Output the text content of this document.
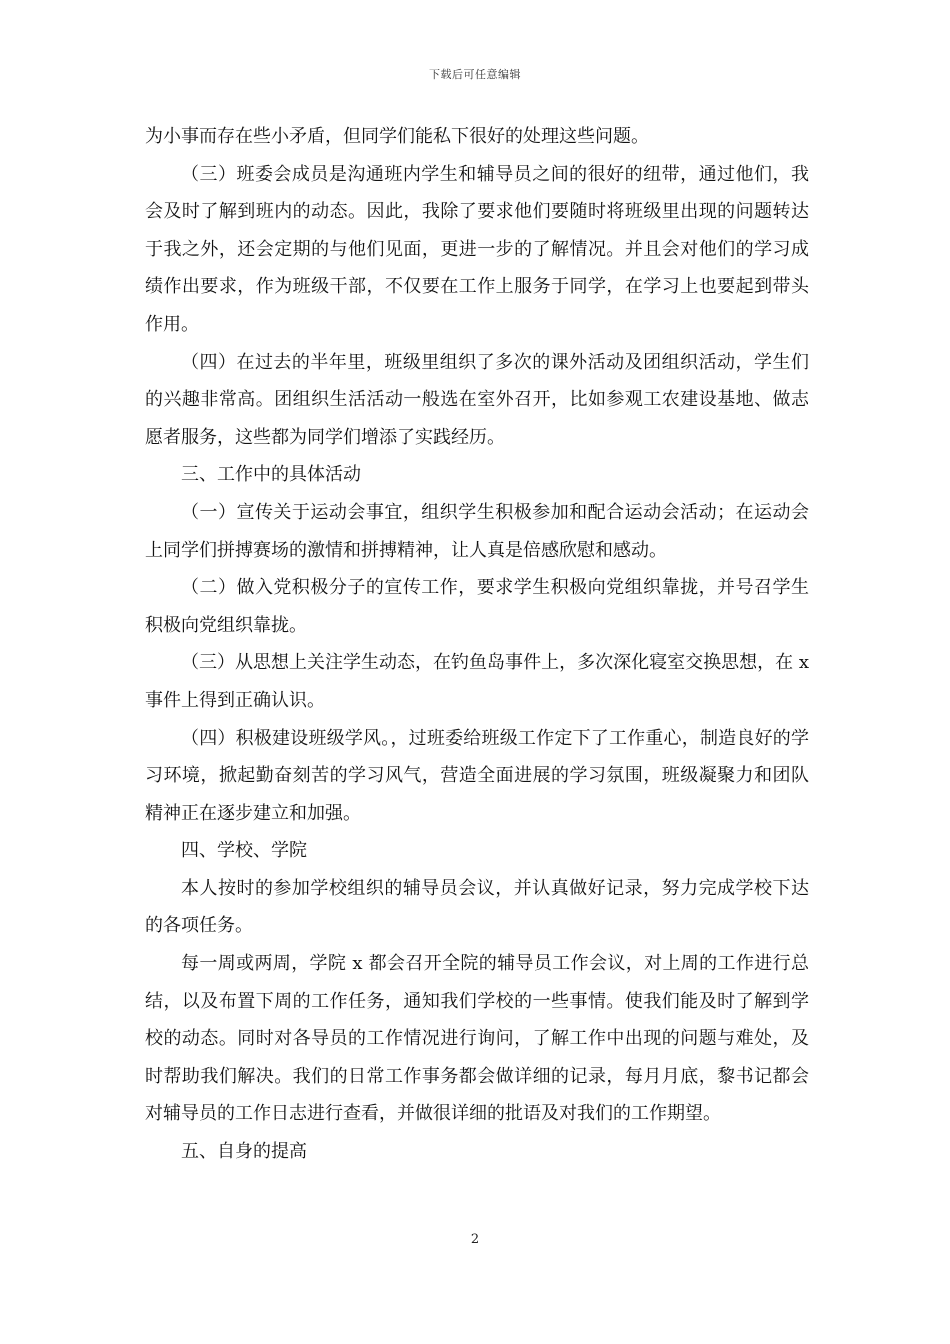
下载后可任意编辑

为小事而存在些小矛盾，但同学们能私下很好的处理这些问题。

（三）班委会成员是沟通班内学生和辅导员之间的很好的纽带，通过他们，我会及时了解到班内的动态。因此，我除了要求他们要随时将班级里出现的问题转达于我之外，还会定期的与他们见面，更进一步的了解情况。并且会对他们的学习成绩作出要求，作为班级干部，不仅要在工作上服务于同学，在学习上也要起到带头作用。

（四）在过去的半年里，班级里组织了多次的课外活动及团组织活动，学生们的兴趣非常高。团组织生活活动一般选在室外召开，比如参观工农建设基地、做志愿者服务，这些都为同学们增添了实践经历。

三、工作中的具体活动

（一）宣传关于运动会事宜，组织学生积极参加和配合运动会活动；在运动会上同学们拼搏赛场的激情和拼搏精神，让人真是倍感欣慰和感动。

（二）做入党积极分子的宣传工作，要求学生积极向党组织靠拢，并号召学生积极向党组织靠拢。

（三）从思想上关注学生动态，在钓鱼岛事件上，多次深化寝室交换思想，在 x 事件上得到正确认识。

（四）积极建设班级学风。，过班委给班级工作定下了工作重心，制造良好的学习环境，掀起勤奋刻苦的学习风气，营造全面进展的学习氛围，班级凝聚力和团队精神正在逐步建立和加强。

四、学校、学院

本人按时的参加学校组织的辅导员会议，并认真做好记录，努力完成学校下达的各项任务。

每一周或两周，学院 x 都会召开全院的辅导员工作会议，对上周的工作进行总结，以及布置下周的工作任务，通知我们学校的一些事情。使我们能及时了解到学校的动态。同时对各导员的工作情况进行询问，了解工作中出现的问题与难处，及时帮助我们解决。我们的日常工作事务都会做详细的记录，每月月底，黎书记都会对辅导员的工作日志进行查看，并做很详细的批语及对我们的工作期望。

五、自身的提高

2
